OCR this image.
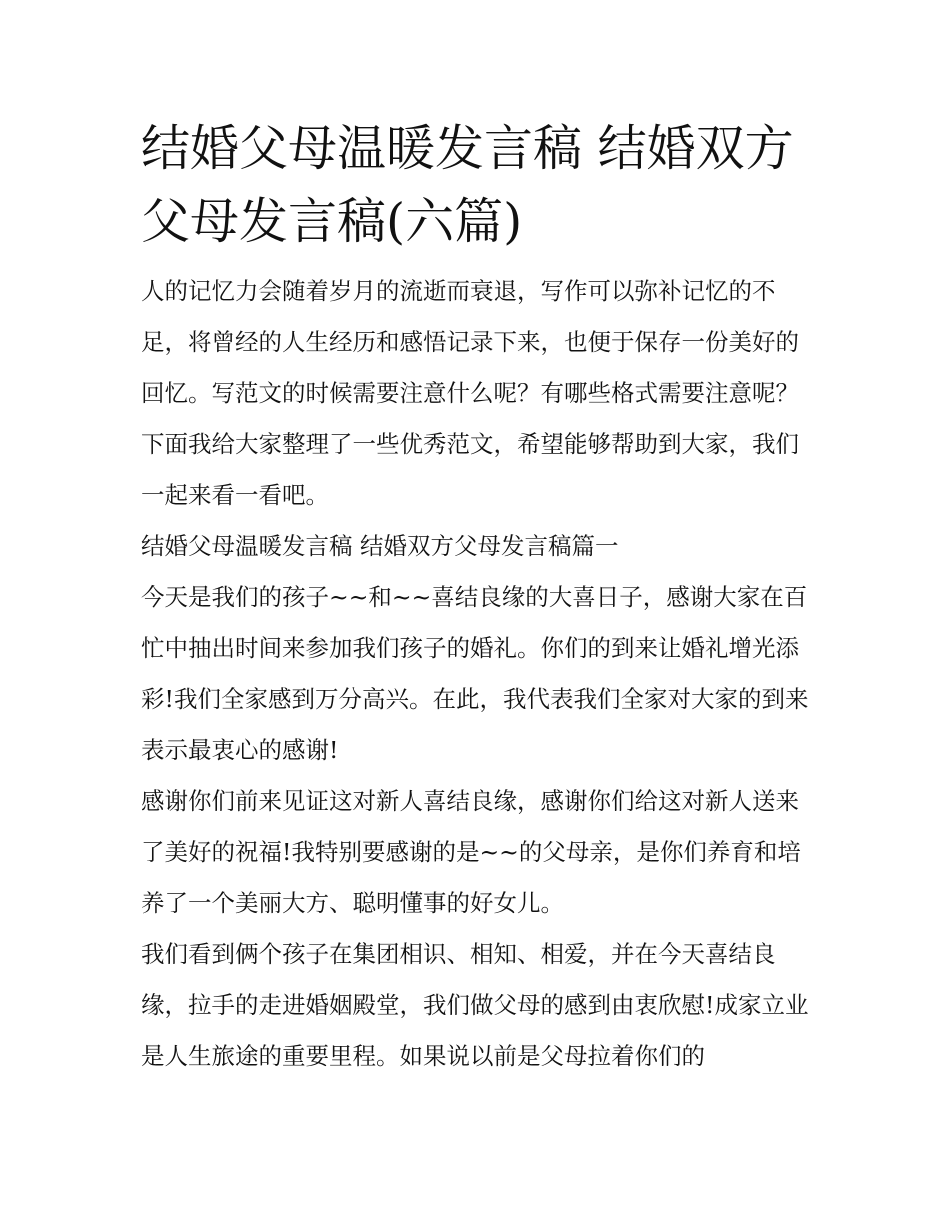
结婚父母温暖发言稿 结婚双方父母发言稿(六篇)

人的记忆力会随着岁月的流逝而衰退，写作可以弥补记忆的不足，将曾经的人生经历和感悟记录下来，也便于保存一份美好的回忆。写范文的时候需要注意什么呢？有哪些格式需要注意呢？下面我给大家整理了一些优秀范文，希望能够帮助到大家，我们一起来看一看吧。

结婚父母温暖发言稿 结婚双方父母发言稿篇一

今天是我们的孩子~~和~~喜结良缘的大喜日子，感谢大家在百忙中抽出时间来参加我们孩子的婚礼。你们的到来让婚礼增光添彩!我们全家感到万分高兴。在此，我代表我们全家对大家的到来表示最衷心的感谢!

感谢你们前来见证这对新人喜结良缘，感谢你们给这对新人送来了美好的祝福!我特别要感谢的是~~的父母亲，是你们养育和培养了一个美丽大方、聪明懂事的好女儿。

我们看到俩个孩子在集团相识、相知、相爱，并在今天喜结良缘，拉手的走进婚姻殿堂，我们做父母的感到由衷欣慰!成家立业是人生旅途的重要里程。如果说以前是父母拉着你们的
